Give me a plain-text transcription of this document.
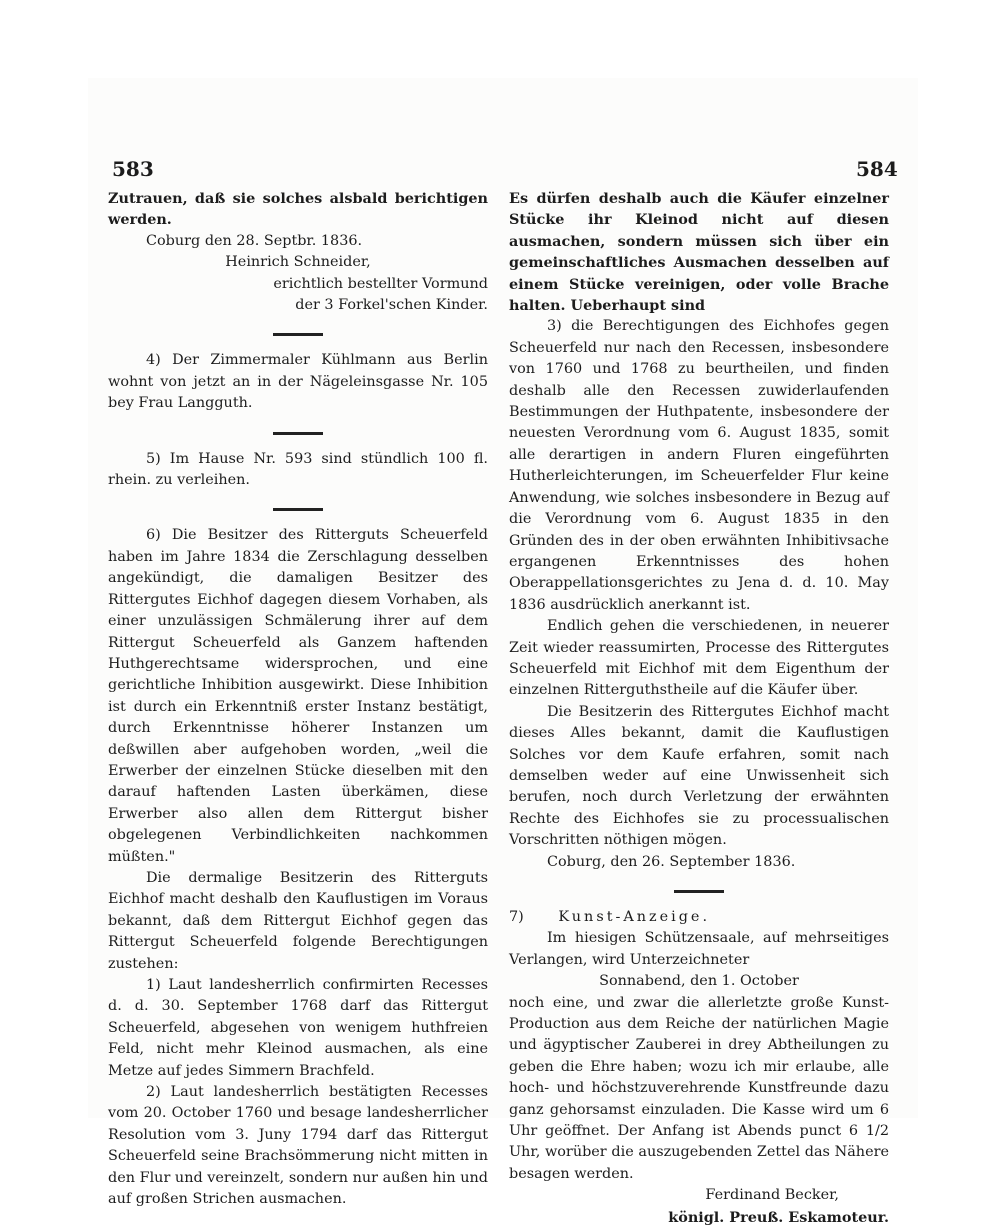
583	584

Zutrauen, daß sie solches alsbald berichtigen werden.

Coburg den 28. Septbr. 1836.

Heinrich Schneider,

erichtlich bestellter Vormund

der 3 Forkel'schen Kinder.

4) Der Zimmermaler Kühlmann aus Berlin wohnt von jetzt an in der Nägeleinsgasse Nr. 105 bey Frau Langguth.

5) Im Hause Nr. 593 sind stündlich 100 fl. rhein. zu verleihen.

6) Die Besitzer des Ritterguts Scheuerfeld haben im Jahre 1834 die Zerschlagung desselben angekündigt, die damaligen Besitzer des Rittergutes Eichhof dagegen diesem Vorhaben, als einer unzulässigen Schmälerung ihrer auf dem Rittergut Scheuerfeld als Ganzem haftenden Huthgerechtsame widersprochen, und eine gerichtliche Inhibition ausgewirkt. Diese Inhibition ist durch ein Erkenntniß erster Instanz bestätigt, durch Erkenntnisse höherer Instanzen um deßwillen aber aufgehoben worden, „weil die Erwerber der einzelnen Stücke dieselben mit den darauf haftenden Lasten überkämen, diese Erwerber also allen dem Rittergut bisher obgelegenen Verbindlichkeiten nachkommen müßten."

Die dermalige Besitzerin des Ritterguts Eichhof macht deshalb den Kauflustigen im Voraus bekannt, daß dem Rittergut Eichhof gegen das Rittergut Scheuerfeld folgende Berechtigungen zustehen:

1) Laut landesherrlich confirmirten Recesses d. d. 30. September 1768 darf das Rittergut Scheuerfeld, abgesehen von wenigem huthfreien Feld, nicht mehr Kleinod ausmachen, als eine Metze auf jedes Simmern Brachfeld.

2) Laut landesherrlich bestätigten Recesses vom 20. October 1760 und besage landesherrlicher Resolution vom 3. Juny 1794 darf das Rittergut Scheuerfeld seine Brachsömmerung nicht mitten in den Flur und vereinzelt, sondern nur außen hin und auf großen Strichen ausmachen.

Es dürfen deshalb auch die Käufer einzelner Stücke ihr Kleinod nicht auf diesen ausmachen, sondern müssen sich über ein gemeinschaftliches Ausmachen desselben auf einem Stücke vereinigen, oder volle Brache halten. Ueberhaupt sind

3) die Berechtigungen des Eichhofes gegen Scheuerfeld nur nach den Recessen, insbesondere von 1760 und 1768 zu beurtheilen, und finden deshalb alle den Recessen zuwiderlaufenden Bestimmungen der Huthpatente, insbesondere der neuesten Verordnung vom 6. August 1835, somit alle derartigen in andern Fluren eingeführten Hutherleichterungen, im Scheuerfelder Flur keine Anwendung, wie solches insbesondere in Bezug auf die Verordnung vom 6. August 1835 in den Gründen des in der oben erwähnten Inhibitivsache ergangenen Erkenntnisses des hohen Oberappellationsgerichtes zu Jena d. d. 10. May 1836 ausdrücklich anerkannt ist.

Endlich gehen die verschiedenen, in neuerer Zeit wieder reassumirten, Processe des Rittergutes Scheuerfeld mit Eichhof mit dem Eigenthum der einzelnen Ritterguthstheile auf die Käufer über.

Die Besitzerin des Rittergutes Eichhof macht dieses Alles bekannt, damit die Kauflustigen Solches vor dem Kaufe erfahren, somit nach demselben weder auf eine Unwissenheit sich berufen, noch durch Verletzung der erwähnten Rechte des Eichhofes sie zu processualischen Vorschritten nöthigen mögen.

Coburg, den 26. September 1836.

7) Kunst-Anzeige.

Im hiesigen Schützensaale, auf mehrseitiges Verlangen, wird Unterzeichneter

Sonnabend, den 1. October

noch eine, und zwar die allerletzte große Kunst-Production aus dem Reiche der natürlichen Magie und ägyptischer Zauberei in drey Abtheilungen zu geben die Ehre haben; wozu ich mir erlaube, alle hoch- und höchstzuverehrende Kunstfreunde dazu ganz gehorsamst einzuladen. Die Kasse wird um 6 Uhr geöffnet. Der Anfang ist Abends punct 6 1/2 Uhr, worüber die auszugebenden Zettel das Nähere besagen werden.

Ferdinand Becker,

königl. Preuß. Eskamoteur.
